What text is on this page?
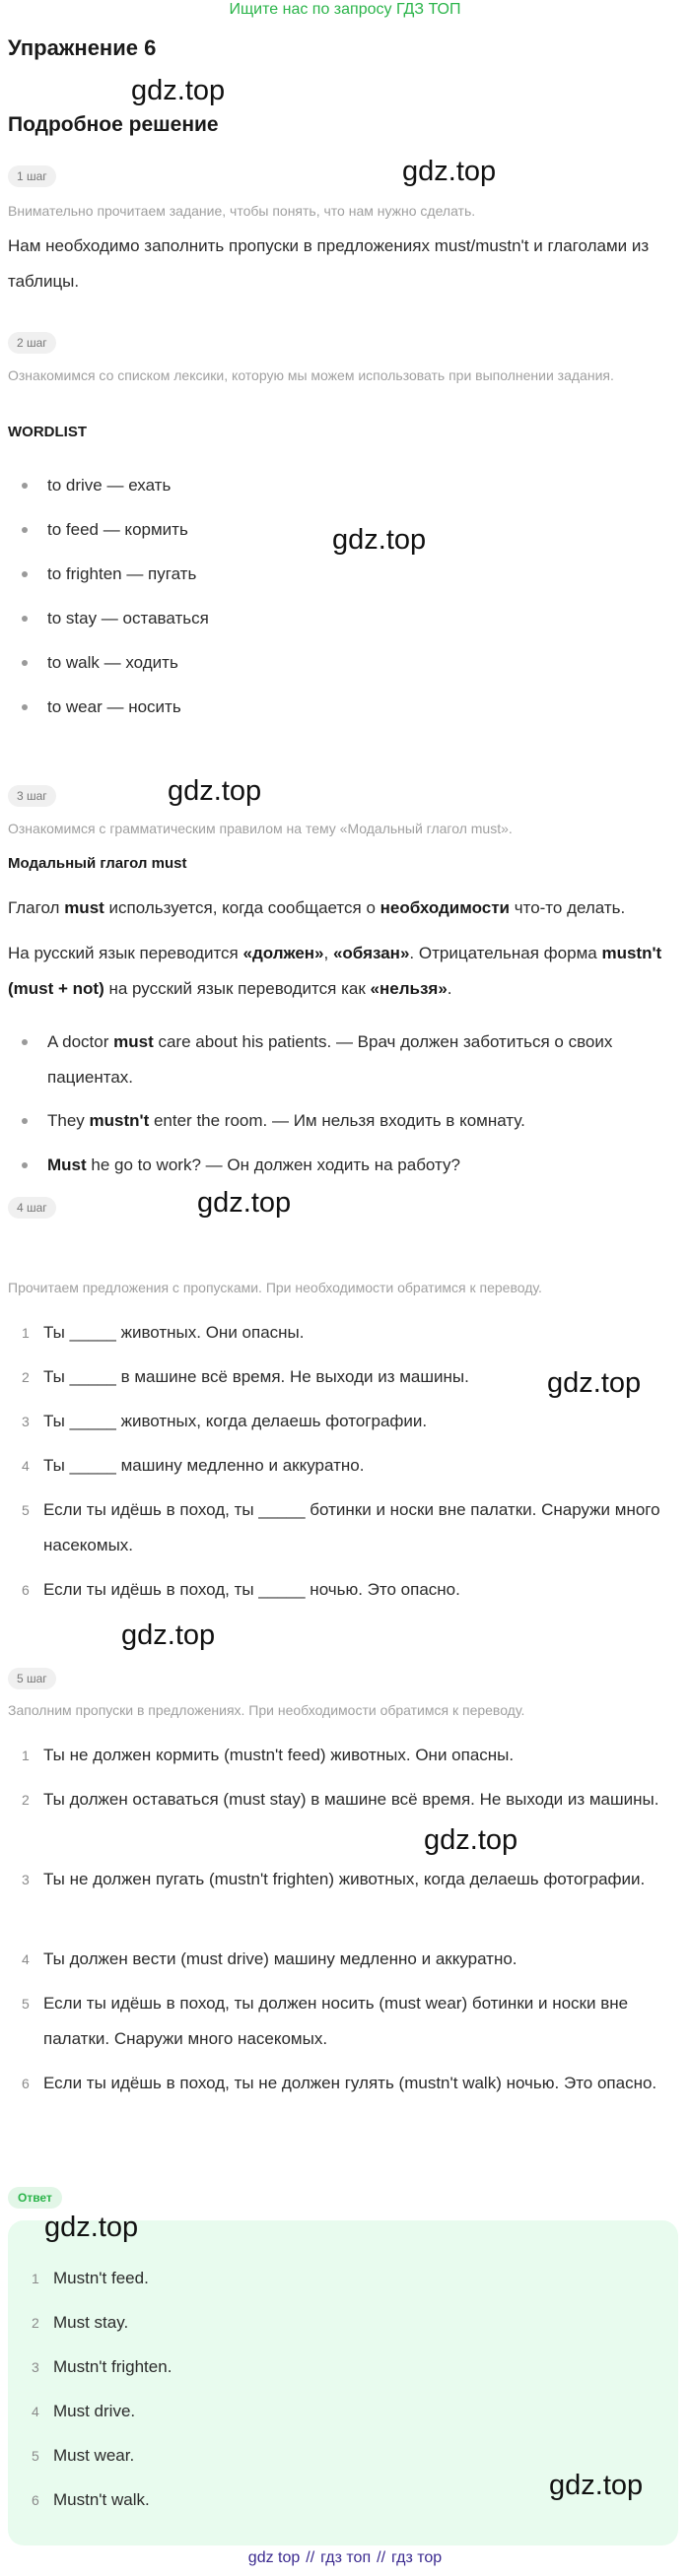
Ищите нас по запросу ГДЗ ТОП
Упражнение 6
gdz.top
Подробное решение
1 шаг	gdz.top
Внимательно прочитаем задание, чтобы понять, что нам нужно сделать.
Нам необходимо заполнить пропуски в предложениях must/mustn't и глаголами из таблицы.
2 шаг
Ознакомимся со списком лексики, которую мы можем использовать при выполнении задания.
WORDLIST
to drive — ехать
to feed — кормить
to frighten — пугать
to stay — оставаться
to walk — ходить
to wear — носить
gdz.top
3 шаг	gdz.top
Ознакомимся с грамматическим правилом на тему «Модальный глагол must».
Модальный глагол must
Глагол must используется, когда сообщается о необходимости что-то делать.
На русский язык переводится «должен», «обязан». Отрицательная форма mustn't (must + not) на русский язык переводится как «нельзя».
A doctor must care about his patients. — Врач должен заботиться о своих пациентах.
They mustn't enter the room. — Им нельзя входить в комнату.
Must he go to work? — Он должен ходить на работу?
4 шаг	gdz.top
Прочитаем предложения с пропусками. При необходимости обратимся к переводу.
1 Ты _____ животных. Они опасны.
2 Ты _____ в машине всё время. Не выходи из машины.
3 Ты _____ животных, когда делаешь фотографии.
4 Ты _____ машину медленно и аккуратно.
5 Если ты идёшь в поход, ты _____ ботинки и носки вне палатки. Снаружи много насекомых.
6 Если ты идёшь в поход, ты _____ ночью. Это опасно.
gdz.top
gdz.top
5 шаг
Заполним пропуски в предложениях. При необходимости обратимся к переводу.
1 Ты не должен кормить (mustn't feed) животных. Они опасны.
2 Ты должен оставаться (must stay) в машине всё время. Не выходи из машины.
3 Ты не должен пугать (mustn't frighten) животных, когда делаешь фотографии.
4 Ты должен вести (must drive) машину медленно и аккуратно.
5 Если ты идёшь в поход, ты должен носить (must wear) ботинки и носки вне палатки. Снаружи много насекомых.
6 Если ты идёшь в поход, ты не должен гулять (mustn't walk) ночью. Это опасно.
gdz.top
Ответ
gdz.top
1 Mustn't feed.
2 Must stay.
3 Mustn't frighten.
4 Must drive.
5 Must wear.
6 Mustn't walk.	gdz.top
gdz top // гдз топ // гдз тор
